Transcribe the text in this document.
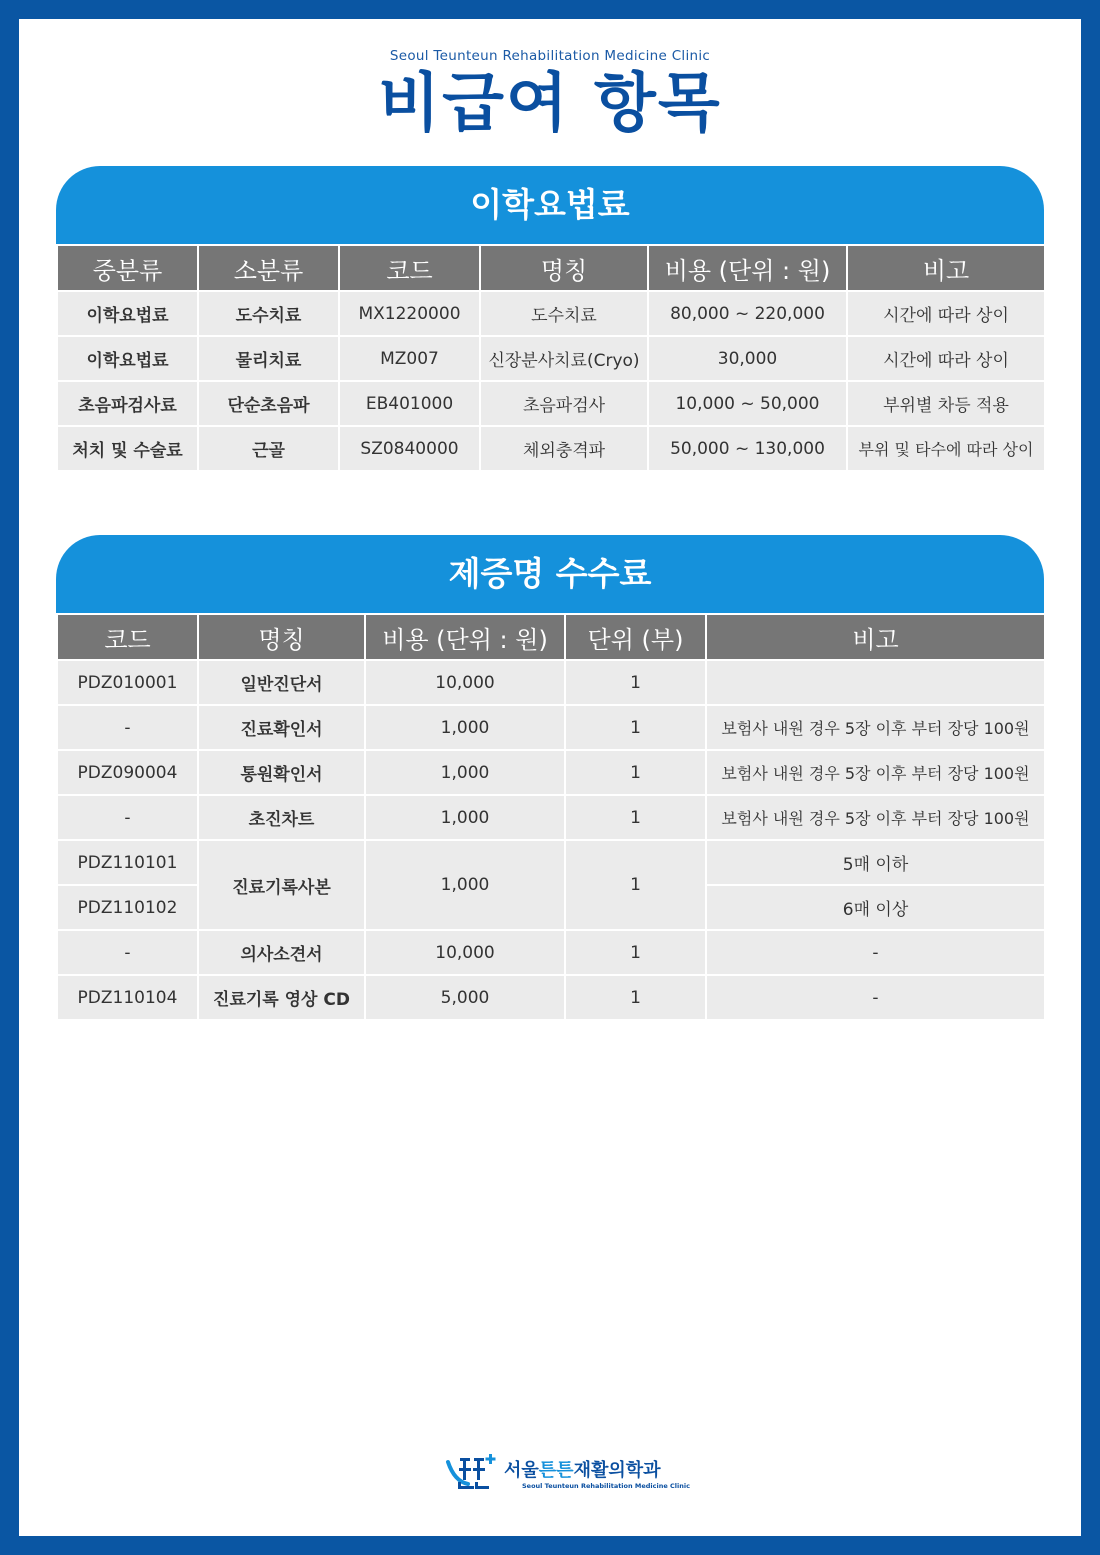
Seoul Teunteun Rehabilitation Medicine Clinic
비급여 항목
이학요법료
중분류	소분류	코드	명칭	비용 (단위 : 원)	비고
이학요법료	도수치료	MX1220000	도수치료	80,000 ~ 220,000	시간에 따라 상이
이학요법료	물리치료	MZ007	신장분사치료(Cryo)	30,000	시간에 따라 상이
초음파검사료	단순초음파	EB401000	초음파검사	10,000 ~ 50,000	부위별 차등 적용
처치 및 수술료	근골	SZ0840000	체외충격파	50,000 ~ 130,000	부위 및 타수에 따라 상이
제증명 수수료
코드	명칭	비용 (단위 : 원)	단위 (부)	비고
PDZ010001	일반진단서	10,000	1	
-	진료확인서	1,000	1	보험사 내원 경우 5장 이후 부터 장당 100원
PDZ090004	통원확인서	1,000	1	보험사 내원 경우 5장 이후 부터 장당 100원
-	초진차트	1,000	1	보험사 내원 경우 5장 이후 부터 장당 100원
PDZ110101	진료기록사본	1,000	1	5매 이하
PDZ110102				6매 이상
-	의사소견서	10,000	1	-
PDZ110104	진료기록 영상 CD	5,000	1	-
서울튼튼재활의학과
Seoul Teunteun Rehabilitation Medicine Clinic
